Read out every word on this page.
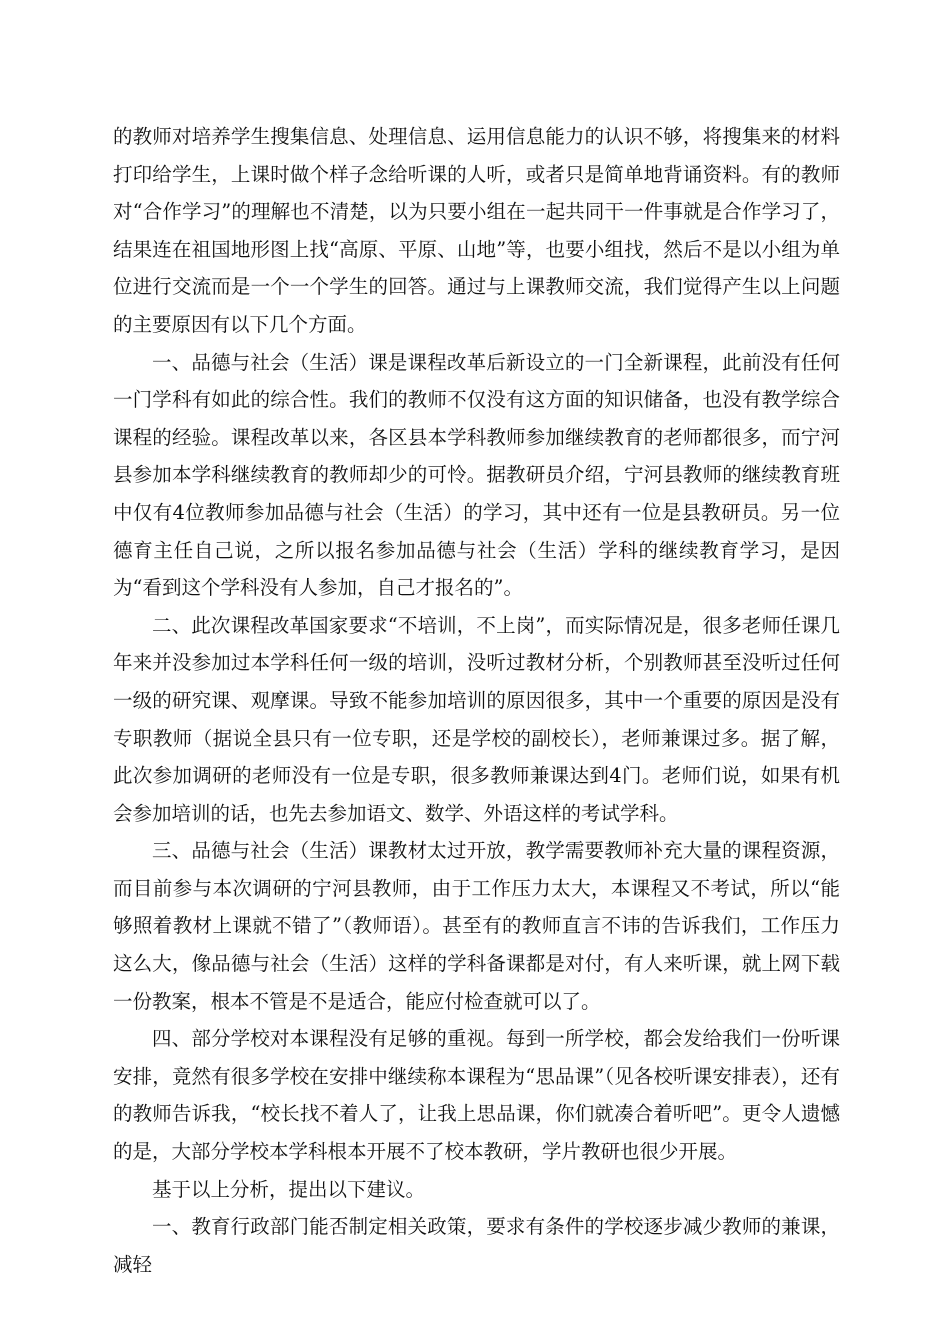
的教师对培养学生搜集信息、处理信息、运用信息能力的认识不够，将搜集来的材料打印给学生，上课时做个样子念给听课的人听，或者只是简单地背诵资料。有的教师对“合作学习”的理解也不清楚，以为只要小组在一起共同干一件事就是合作学习了，结果连在祖国地形图上找“高原、平原、山地”等，也要小组找，然后不是以小组为单位进行交流而是一个一个学生的回答。通过与上课教师交流，我们觉得产生以上问题的主要原因有以下几个方面。

一、品德与社会（生活）课是课程改革后新设立的一门全新课程，此前没有任何一门学科有如此的综合性。我们的教师不仅没有这方面的知识储备，也没有教学综合课程的经验。课程改革以来，各区县本学科教师参加继续教育的老师都很多，而宁河县参加本学科继续教育的教师却少的可怜。据教研员介绍，宁河县教师的继续教育班中仅有4位教师参加品德与社会（生活）的学习，其中还有一位是县教研员。另一位德育主任自己说，之所以报名参加品德与社会（生活）学科的继续教育学习，是因为“看到这个学科没有人参加，自己才报名的”。

二、此次课程改革国家要求“不培训，不上岗”，而实际情况是，很多老师任课几年来并没参加过本学科任何一级的培训，没听过教材分析，个别教师甚至没听过任何一级的研究课、观摩课。导致不能参加培训的原因很多，其中一个重要的原因是没有专职教师（据说全县只有一位专职，还是学校的副校长），老师兼课过多。据了解，此次参加调研的老师没有一位是专职，很多教师兼课达到4门。老师们说，如果有机会参加培训的话，也先去参加语文、数学、外语这样的考试学科。

三、品德与社会（生活）课教材太过开放，教学需要教师补充大量的课程资源，而目前参与本次调研的宁河县教师，由于工作压力太大，本课程又不考试，所以“能够照着教材上课就不错了”（教师语）。甚至有的教师直言不讳的告诉我们，工作压力这么大，像品德与社会（生活）这样的学科备课都是对付，有人来听课，就上网下载一份教案，根本不管是不是适合，能应付检查就可以了。

四、部分学校对本课程没有足够的重视。每到一所学校，都会发给我们一份听课安排，竟然有很多学校在安排中继续称本课程为“思品课”（见各校听课安排表），还有的教师告诉我，“校长找不着人了，让我上思品课，你们就凑合着听吧”。更令人遗憾的是，大部分学校本学科根本开展不了校本教研，学片教研也很少开展。

基于以上分析，提出以下建议。

一、教育行政部门能否制定相关政策，要求有条件的学校逐步减少教师的兼课，减轻
